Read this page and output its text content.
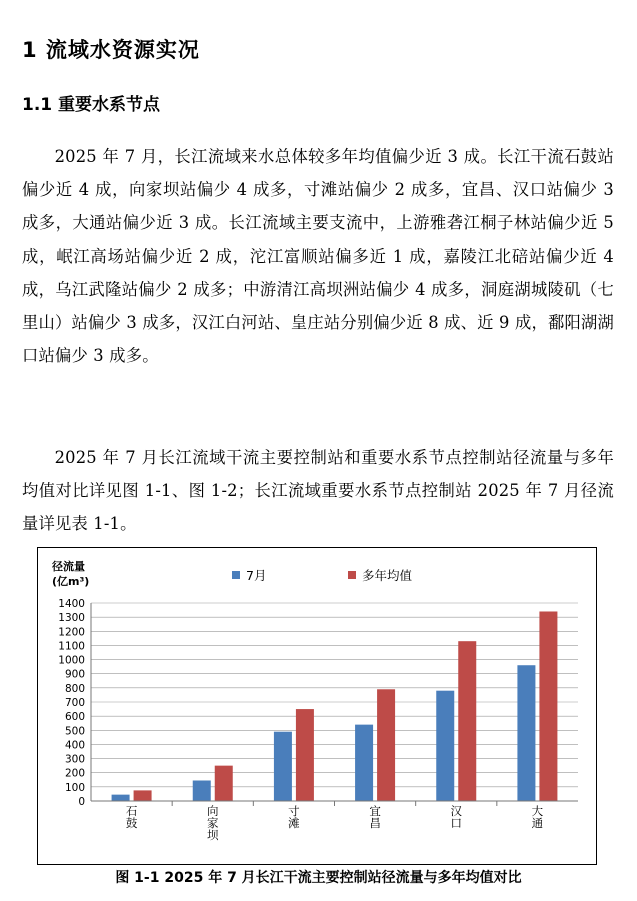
1 流域水资源实况
1.1 重要水系节点

2025 年 7 月，长江流域来水总体较多年均值偏少近 3 成。长江干流石鼓站偏少近 4 成，向家坝站偏少 4 成多，寸滩站偏少 2 成多，宜昌、汉口站偏少 3 成多，大通站偏少近 3 成。长江流域主要支流中，上游雅砻江桐子林站偏少近 5 成，岷江高场站偏少近 2 成，沱江富顺站偏多近 1 成，嘉陵江北碚站偏少近 4 成，乌江武隆站偏少 2 成多；中游清江高坝洲站偏少 4 成多，洞庭湖城陵矶（七里山）站偏少 3 成多，汉江白河站、皇庄站分别偏少近 8 成、近 9 成，鄱阳湖湖口站偏少 3 成多。

2025 年 7 月长江流域干流主要控制站和重要水系节点控制站径流量与多年均值对比详见图 1-1、图 1-2；长江流域重要水系节点控制站 2025 年 7 月径流量详见表 1-1。

0
100
200
300
400
500
600
700
800
900
1000
1100
1200
1300
1400
石鼓
向家坝
寸滩
宜昌
汉口
大通
径流量
(亿m³)	7月	多年均值
图 1-1 2025 年 7 月长江干流主要控制站径流量与多年均值对比
